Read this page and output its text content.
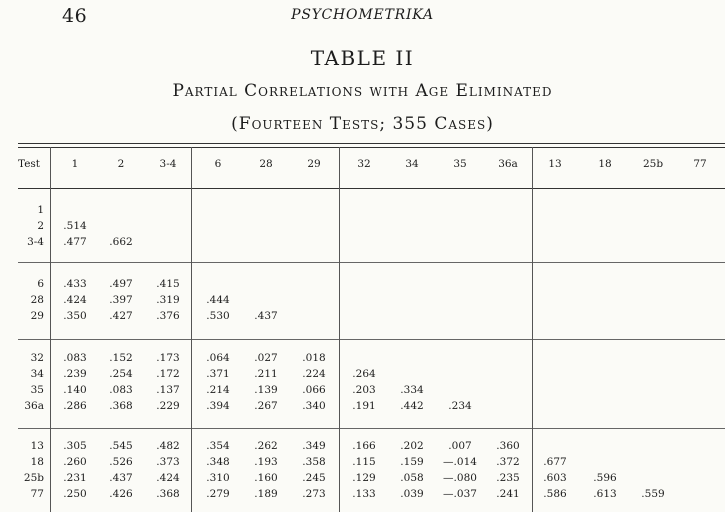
46	PSYCHOMETRIKA
TABLE II
Partial Correlations with Age Eliminated
(Fourteen Tests; 355 Cases)
Test	1	2	3-4	6	28	29	32	34	35	36a	13	18	25b	77
1
2 .514
3-4 .477 .662
6 .433 .497 .415
28 .424 .397 .319	.444
29 .350 .427 .376	.530 .437
32 .083 .152 .173	.064 .027 .018
34 .239 .254 .172	.371 .211 .224	.264
35 .140 .083 .137	.214 .139 .066	.203 .334
36a .286 .368 .229	.394 .267 .340	.191 .442 .234
13 .305 .545 .482	.354 .262 .349	.166 .202 .007 .360
18 .260 .526 .373	.348 .193 .358	.115 .159 —.014 .372 .677
25b .231 .437 .424	.310 .160 .245	.129 .058 —.080 .235 .603	.596
77 .250 .426 .368	.279 .189 .273	.133 .039 —.037 .241 .586	.613 .559
